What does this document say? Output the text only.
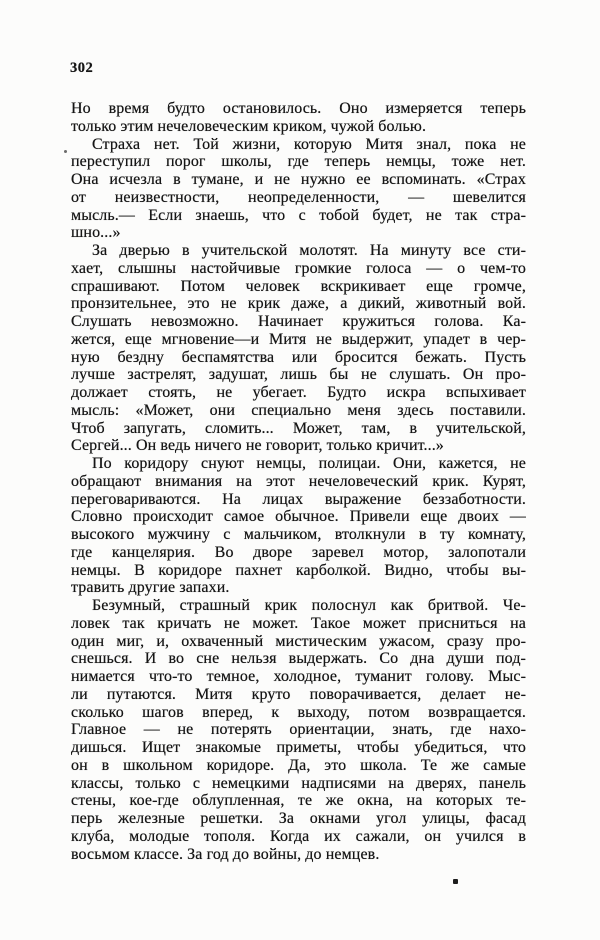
302
Но время будто остановилось. Оно измеряется теперь
только этим нечеловеческим криком, чужой болью.
Страха нет. Той жизни, которую Митя знал, пока не
переступил порог школы, где теперь немцы, тоже нет.
Она исчезла в тумане, и не нужно ее вспоминать. «Страх
от неизвестности, неопределенности, — шевелится
мысль.— Если знаешь, что с тобой будет, не так стра-
шно...»
За дверью в учительской молотят. На минуту все сти-
хает, слышны настойчивые громкие голоса — о чем-то
спрашивают. Потом человек вскрикивает еще громче,
пронзительнее, это не крик даже, а дикий, животный вой.
Слушать невозможно. Начинает кружиться голова. Ка-
жется, еще мгновение—и Митя не выдержит, упадет в чер-
ную бездну беспамятства или бросится бежать. Пусть
лучше застрелят, задушат, лишь бы не слушать. Он про-
должает стоять, не убегает. Будто искра вспыхивает
мысль: «Может, они специально меня здесь поставили.
Чтоб запугать, сломить... Может, там, в учительской,
Сергей... Он ведь ничего не говорит, только кричит...»
По коридору снуют немцы, полицаи. Они, кажется, не
обращают внимания на этот нечеловеческий крик. Курят,
переговариваются. На лицах выражение беззаботности.
Словно происходит самое обычное. Привели еще двоих —
высокого мужчину с мальчиком, втолкнули в ту комнату,
где канцелярия. Во дворе заревел мотор, залопотали
немцы. В коридоре пахнет карболкой. Видно, чтобы вы-
травить другие запахи.
Безумный, страшный крик полоснул как бритвой. Че-
ловек так кричать не может. Такое может присниться на
один миг, и, охваченный мистическим ужасом, сразу про-
снешься. И во сне нельзя выдержать. Со дна души под-
нимается что-то темное, холодное, туманит голову. Мыс-
ли путаются. Митя круто поворачивается, делает не-
сколько шагов вперед, к выходу, потом возвращается.
Главное — не потерять ориентации, знать, где нахо-
дишься. Ищет знакомые приметы, чтобы убедиться, что
он в школьном коридоре. Да, это школа. Те же самые
классы, только с немецкими надписями на дверях, панель
стены, кое-где облупленная, те же окна, на которых те-
перь железные решетки. За окнами угол улицы, фасад
клуба, молодые тополя. Когда их сажали, он учился в
восьмом классе. За год до войны, до немцев.
